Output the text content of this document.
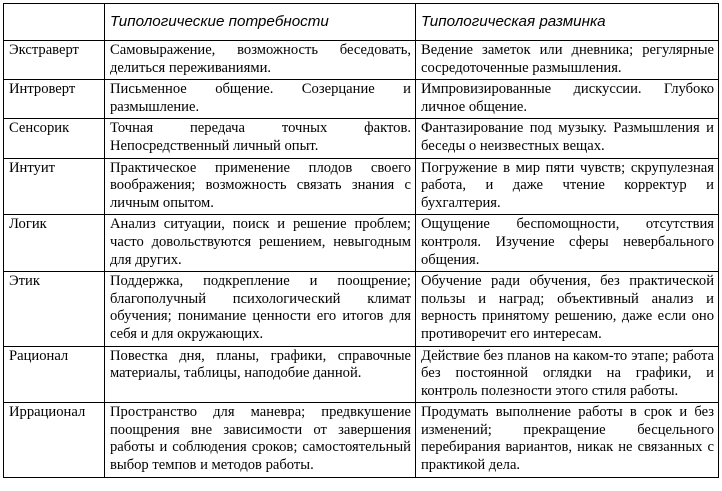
	Типологические потребности	Типологическая разминка
Экстраверт	Самовыражение, возможность беседовать, делиться переживаниями.	Ведение заметок или дневника; регулярные сосредоточенные размышления.
Интроверт	Письменное общение. Созерцание и размышление.	Импровизированные дискуссии. Глубоко личное общение.
Сенсорик	Точная передача точных фактов. Непосредственный личный опыт.	Фантазирование под музыку. Размышления и беседы о неизвестных вещах.
Интуит	Практическое применение плодов своего воображения; возможность связать знания с личным опытом.	Погружение в мир пяти чувств; скрупулезная работа, и даже чтение корректур и бухгалтерия.
Логик	Анализ ситуации, поиск и решение проблем; часто довольствуются решением, невыгодным для других.	Ощущение беспомощности, отсутствия контроля. Изучение сферы невербального общения.
Этик	Поддержка, подкрепление и поощрение; благополучный психологический климат обучения; понимание ценности его итогов для себя и для окружающих.	Обучение ради обучения, без практической пользы и наград; объективный анализ и верность принятому решению, даже если оно противоречит его интересам.
Рационал	Повестка дня, планы, графики, справочные материалы, таблицы, наподобие данной.	Действие без планов на каком-то этапе; работа без постоянной оглядки на графики, и контроль полезности этого стиля работы.
Иррационал	Пространство для маневра; предвкушение поощрения вне зависимости от завершения работы и соблюдения сроков; самостоятельный выбор темпов и методов работы.	Продумать выполнение работы в срок и без изменений; прекращение бесцельного перебирания вариантов, никак не связанных с практикой дела.
